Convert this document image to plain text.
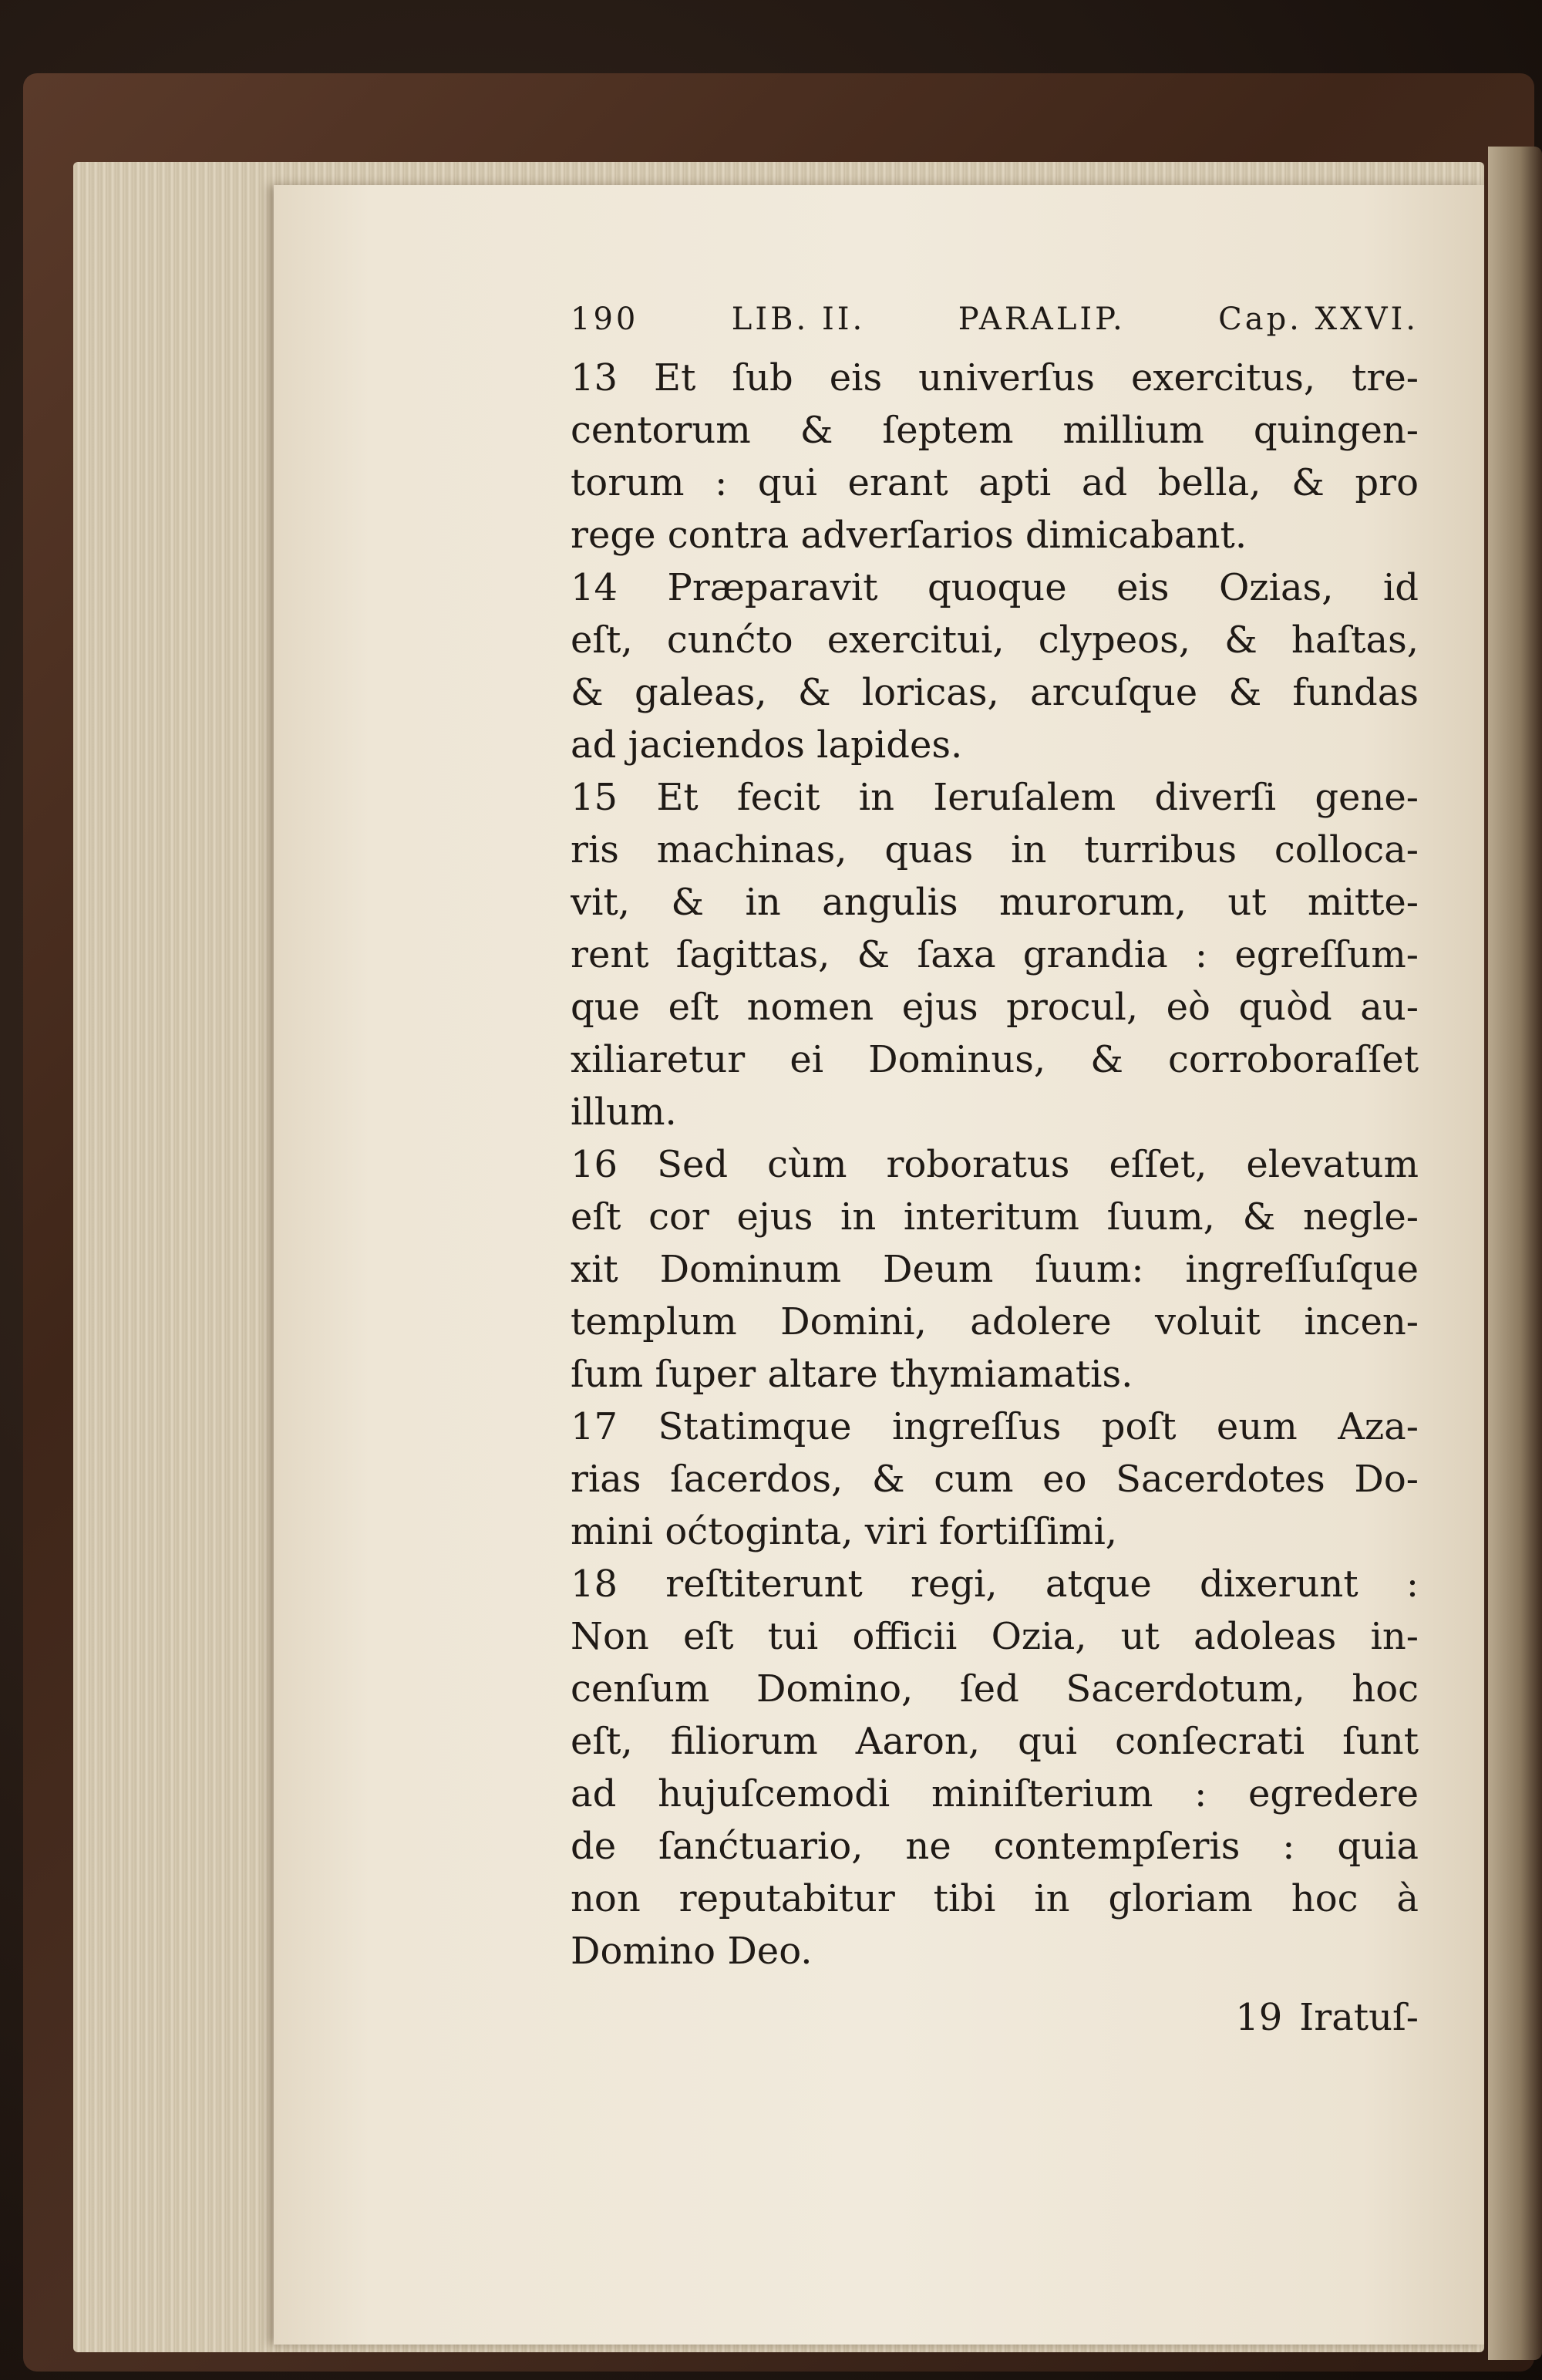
190	LIB. II.	PARALIP.	Cap. XXVI.
13 Et ſub eis univerſus exercitus, tre-
centorum & ſeptem millium quingen-
torum : qui erant apti ad bella, & pro
rege contra adverſarios dimicabant.
14 Præparavit quoque eis Ozias, id
eſt, cunćto exercitui, clypeos, & haſtas,
& galeas, & loricas, arcuſque & fundas
ad jaciendos lapides.
15 Et fecit in Ieruſalem diverſi gene-
ris machinas, quas in turribus colloca-
vit, & in angulis murorum, ut mitte-
rent ſagittas, & ſaxa grandia : egreſſum-
que eſt nomen ejus procul, eò quòd au-
xiliaretur ei Dominus, & corroboraſſet
illum.
16 Sed cùm roboratus eſſet, elevatum
eſt cor ejus in interitum ſuum, & negle-
xit Dominum Deum ſuum: ingreſſuſque
templum Domini, adolere voluit incen-
ſum ſuper altare thymiamatis.
17 Statimque ingreſſus poſt eum Aza-
rias ſacerdos, & cum eo Sacerdotes Do-
mini oćtoginta, viri fortiſſimi,
18 reſtiterunt regi, atque dixerunt :
Non eſt tui officii Ozia, ut adoleas in-
cenſum Domino, ſed Sacerdotum, hoc
eſt, filiorum Aaron, qui conſecrati ſunt
ad hujuſcemodi miniſterium : egredere
de ſanćtuario, ne contempſeris : quia
non reputabitur tibi in gloriam hoc à
Domino Deo.
19 Iratuſ-
